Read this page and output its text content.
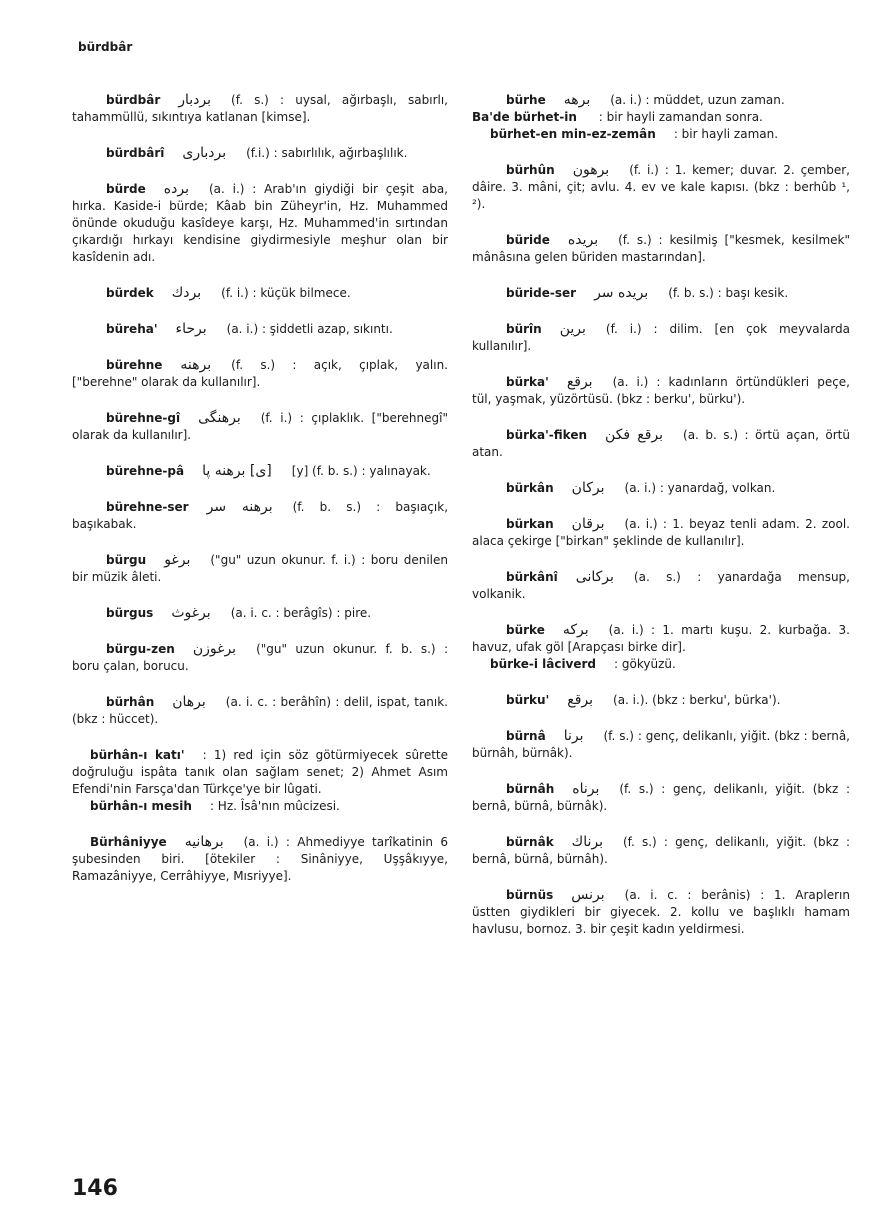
bürdbâr

bürdbâr بردبار (f. s.) : uysal, ağırbaşlı, sabırlı, tahammüllü, sıkıntıya katlanan [kimse].

bürdbârî بردبارى (f.i.) : sabırlılık, ağırbaşlılık.

bürde برده (a. i.) : Arab'ın giydiği bir çeşit aba, hırka. Kaside-i bürde; Kâab bin Züheyr'in, Hz. Muhammed önünde okuduğu kasîdeye karşı, Hz. Muhammed'in sırtından çıkardığı hırkayı kendisine giydirmesiyle meşhur olan bir kasîdenin adı.

bürdek بردك (f. i.) : küçük bilmece.

büreha' برحاء (a. i.) : şiddetli azap, sıkıntı.

bürehne برهنه (f. s.) : açık, çıplak, yalın. ["berehne" olarak da kullanılır].

bürehne-gî برهنگى (f. i.) : çıplaklık. ["berehnegî" olarak da kullanılır].

bürehne-pâ [ی] برهنه پا [y] (f. b. s.) : yalınayak.

bürehne-ser برهنه سر (f. b. s.) : başıaçık, başıkabak.

bürgu برغو ("gu" uzun okunur. f. i.) : boru denilen bir müzik âleti.

bürgus برغوث (a. i. c. : berâgîs) : pire.

bürgu-zen برغوزن ("gu" uzun okunur. f. b. s.) : boru çalan, borucu.

bürhân برهان (a. i. c. : berâhîn) : delil, ispat, tanık. (bkz : hüccet).

bürhân-ı katı' : 1) red için söz götürmiyecek sûrette doğruluğu ispâta tanık olan sağlam senet; 2) Ahmet Asım Efendi'nin Farsça'dan Türkçe'ye bir lûgati.

bürhân-ı mesih : Hz. Îsâ'nın mûcizesi.

Bürhâniyye برهانيه (a. i.) : Ahmediyye tarîkatinin 6 şubesinden biri. [ötekiler : Sinâniyye, Uşşâkıyye, Ramazâniyye, Cerrâhiyye, Mısriyye].

bürhe برهه (a. i.) : müddet, uzun zaman.

Ba'de bürhet-in : bir hayli zamandan sonra.

bürhet-en min-ez-zemân : bir hayli zaman.

bürhûn برهون (f. i.) : 1. kemer; duvar. 2. çember, dâire. 3. mâni, çit; avlu. 4. ev ve kale kapısı. (bkz : berhûb ¹, ²).

büride بريده (f. s.) : kesilmiş ["kesmek, kesilmek" mânâsına gelen büriden mastarından].

büride-ser بريده سر (f. b. s.) : başı kesik.

bürîn برين (f. i.) : dilim. [en çok meyvalarda kullanılır].

bürka' برقع (a. i.) : kadınların örtündükleri peçe, tül, yaşmak, yüzörtüsü. (bkz : berku', bürku').

bürka'-fiken برقع فكن (a. b. s.) : örtü açan, örtü atan.

bürkân بركان (a. i.) : yanardağ, volkan.

bürkan برقان (a. i.) : 1. beyaz tenli adam. 2. zool. alaca çekirge ["birkan" şeklinde de kullanılır].

bürkânî بركانى (a. s.) : yanardağa mensup, volkanik.

bürke بركه (a. i.) : 1. martı kuşu. 2. kurbağa. 3. havuz, ufak göl [Arapçası birke dir].

bürke-i lâciverd : gökyüzü.

bürku' برقع (a. i.). (bkz : berku', bürka').

bürnâ برنا (f. s.) : genç, delikanlı, yiğit. (bkz : bernâ, bürnâh, bürnâk).

bürnâh برناه (f. s.) : genç, delikanlı, yiğit. (bkz : bernâ, bürnâ, bürnâk).

bürnâk برناك (f. s.) : genç, delikanlı, yiğit. (bkz : bernâ, bürnâ, bürnâh).

bürnüs برنس (a. i. c. : berânis) : 1. Araplerın üstten giydikleri bir giyecek. 2. kollu ve başlıklı hamam havlusu, bornoz. 3. bir çeşit kadın yeldirmesi.

146
